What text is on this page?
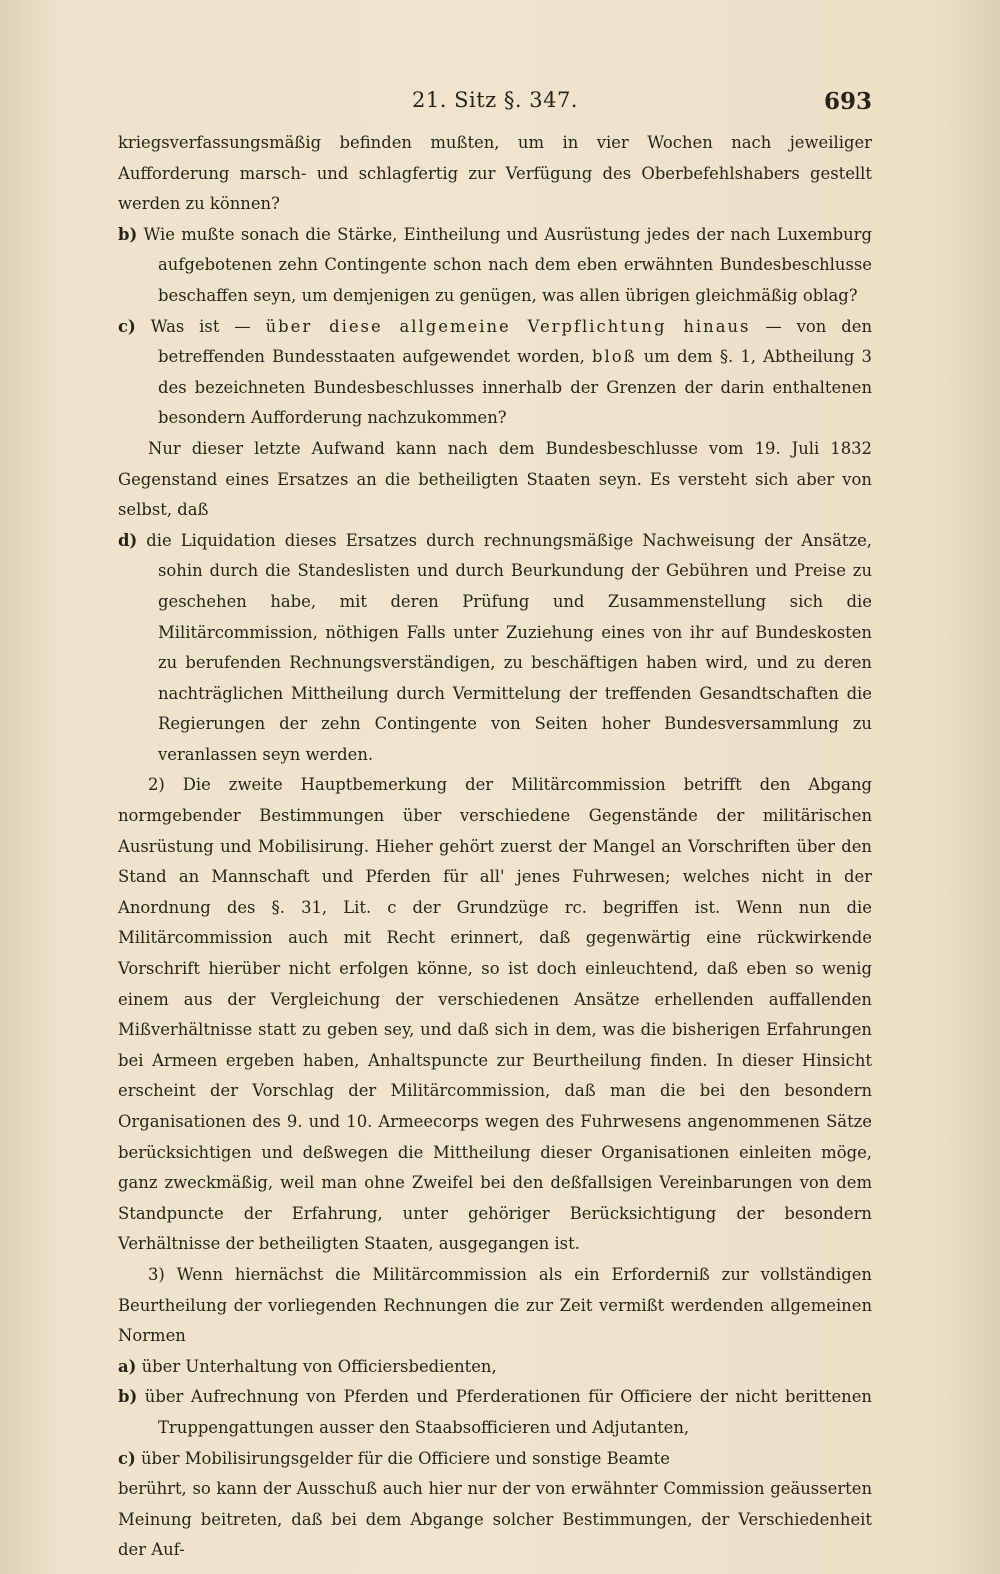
21. Sitz §. 347.	693

kriegsverfassungsmäßig befinden mußten, um in vier Wochen nach jeweiliger Aufforderung marsch- und schlagfertig zur Verfügung des Oberbefehlshabers gestellt werden zu können?

b) Wie mußte sonach die Stärke, Eintheilung und Ausrüstung jedes der nach Luxemburg aufgebotenen zehn Contingente schon nach dem eben erwähnten Bundesbeschlusse beschaffen seyn, um demjenigen zu genügen, was allen übrigen gleichmäßig oblag?

c) Was ist — über diese allgemeine Verpflichtung hinaus — von den betreffenden Bundesstaaten aufgewendet worden, bloß um dem §. 1, Abtheilung 3 des bezeichneten Bundesbeschlusses innerhalb der Grenzen der darin enthaltenen besondern Aufforderung nachzukommen?

Nur dieser letzte Aufwand kann nach dem Bundesbeschlusse vom 19. Juli 1832 Gegenstand eines Ersatzes an die betheiligten Staaten seyn. Es versteht sich aber von selbst, daß

d) die Liquidation dieses Ersatzes durch rechnungsmäßige Nachweisung der Ansätze, sohin durch die Standeslisten und durch Beurkundung der Gebühren und Preise zu geschehen habe, mit deren Prüfung und Zusammenstellung sich die Militärcommission, nöthigen Falls unter Zuziehung eines von ihr auf Bundeskosten zu berufenden Rechnungsverständigen, zu beschäftigen haben wird, und zu deren nachträglichen Mittheilung durch Vermittelung der treffenden Gesandtschaften die Regierungen der zehn Contingente von Seiten hoher Bundesversammlung zu veranlassen seyn werden.

2) Die zweite Hauptbemerkung der Militärcommission betrifft den Abgang normgebender Bestimmungen über verschiedene Gegenstände der militärischen Ausrüstung und Mobilisirung. Hieher gehört zuerst der Mangel an Vorschriften über den Stand an Mannschaft und Pferden für all' jenes Fuhrwesen; welches nicht in der Anordnung des §. 31, Lit. c der Grundzüge rc. begriffen ist. Wenn nun die Militärcommission auch mit Recht erinnert, daß gegenwärtig eine rückwirkende Vorschrift hierüber nicht erfolgen könne, so ist doch einleuchtend, daß eben so wenig einem aus der Vergleichung der verschiedenen Ansätze erhellenden auffallenden Mißverhältnisse statt zu geben sey, und daß sich in dem, was die bisherigen Erfahrungen bei Armeen ergeben haben, Anhaltspuncte zur Beurtheilung finden. In dieser Hinsicht erscheint der Vorschlag der Militärcommission, daß man die bei den besondern Organisationen des 9. und 10. Armeecorps wegen des Fuhrwesens angenommenen Sätze berücksichtigen und deßwegen die Mittheilung dieser Organisationen einleiten möge, ganz zweckmäßig, weil man ohne Zweifel bei den deßfallsigen Vereinbarungen von dem Standpuncte der Erfahrung, unter gehöriger Berücksichtigung der besondern Verhältnisse der betheiligten Staaten, ausgegangen ist.

3) Wenn hiernächst die Militärcommission als ein Erforderniß zur vollständigen Beurtheilung der vorliegenden Rechnungen die zur Zeit vermißt werdenden allgemeinen Normen

a) über Unterhaltung von Officiersbedienten,

b) über Aufrechnung von Pferden und Pferderationen für Officiere der nicht berittenen Truppengattungen ausser den Staabsofficieren und Adjutanten,

c) über Mobilisirungsgelder für die Officiere und sonstige Beamte

berührt, so kann der Ausschuß auch hier nur der von erwähnter Commission geäusserten Meinung beitreten, daß bei dem Abgange solcher Bestimmungen, der Verschiedenheit der Auf-
